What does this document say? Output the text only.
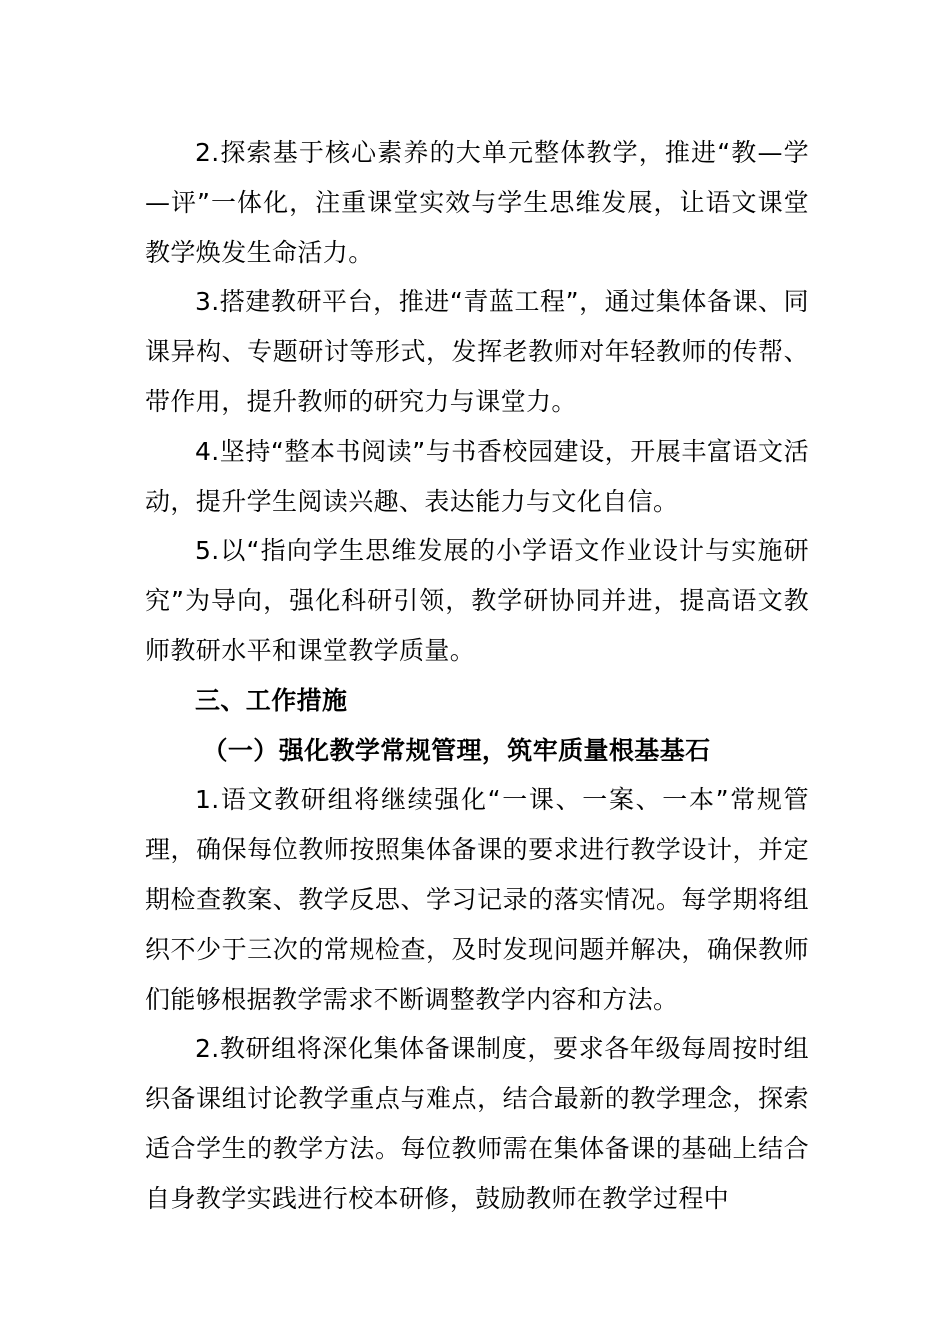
2.探索基于核心素养的大单元整体教学，推进“教—学—评”一体化，注重课堂实效与学生思维发展，让语文课堂教学焕发生命活力。

3.搭建教研平台，推进“青蓝工程”，通过集体备课、同课异构、专题研讨等形式，发挥老教师对年轻教师的传帮、带作用，提升教师的研究力与课堂力。

4.坚持“整本书阅读”与书香校园建设，开展丰富语文活动，提升学生阅读兴趣、表达能力与文化自信。

5.以“指向学生思维发展的小学语文作业设计与实施研究”为导向，强化科研引领，教学研协同并进，提高语文教师教研水平和课堂教学质量。

三、工作措施

（一）强化教学常规管理，筑牢质量根基基石

1.语文教研组将继续强化“一课、一案、一本”常规管理，确保每位教师按照集体备课的要求进行教学设计，并定期检查教案、教学反思、学习记录的落实情况。每学期将组织不少于三次的常规检查，及时发现问题并解决，确保教师们能够根据教学需求不断调整教学内容和方法。

2.教研组将深化集体备课制度，要求各年级每周按时组织备课组讨论教学重点与难点，结合最新的教学理念，探索适合学生的教学方法。每位教师需在集体备课的基础上结合自身教学实践进行校本研修，鼓励教师在教学过程中
